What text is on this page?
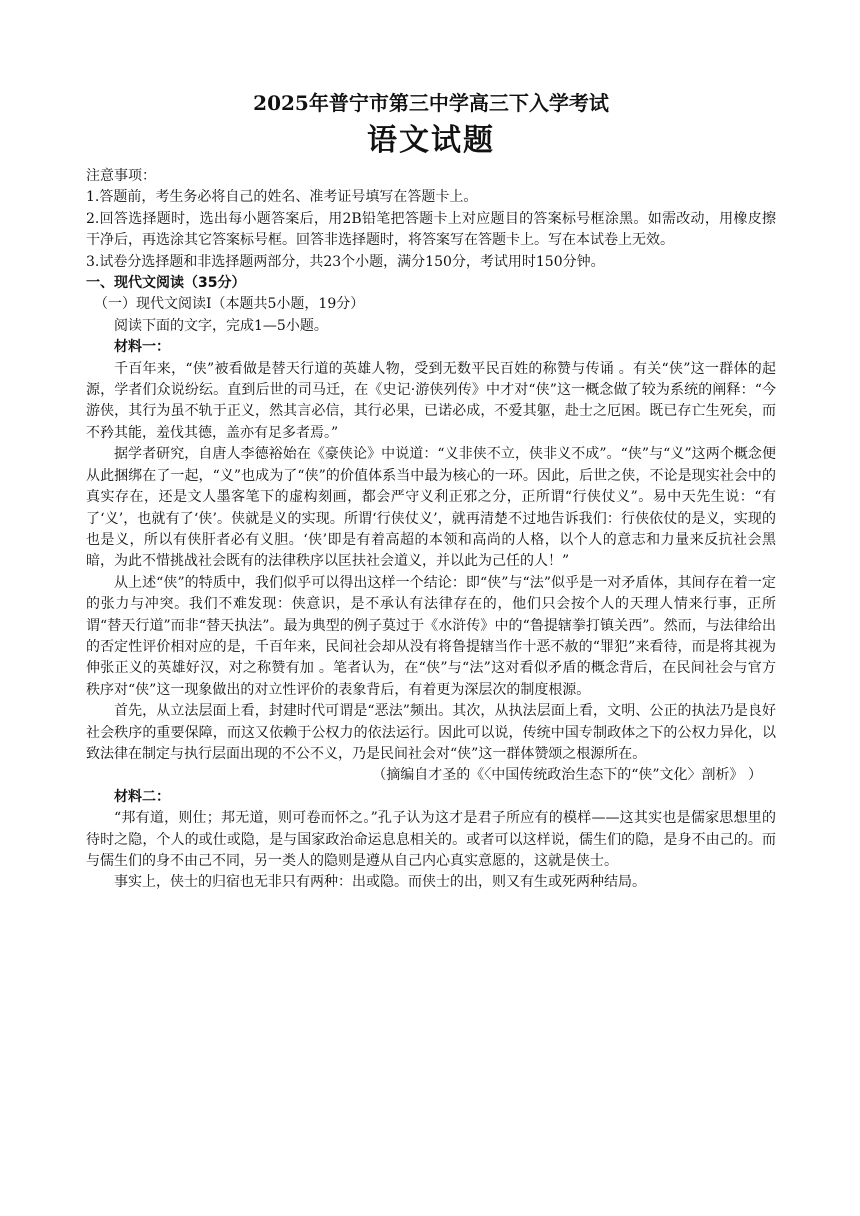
2025年普宁市第三中学高三下入学考试
语文试题

注意事项：

1.答题前，考生务必将自己的姓名、准考证号填写在答题卡上。

2.回答选择题时，选出每小题答案后，用2B铅笔把答题卡上对应题目的答案标号框涂黑。如需改动，用橡皮擦干净后，再选涂其它答案标号框。回答非选择题时，将答案写在答题卡上。写在本试卷上无效。

3.试卷分选择题和非选择题两部分，共23个小题，满分150分，考试用时150分钟。

一、现代文阅读（35分）

（一）现代文阅读Ⅰ（本题共5小题，19分）

阅读下面的文字，完成1—5小题。

材料一：

千百年来，“侠”被看做是替天行道的英雄人物，受到无数平民百姓的称赞与传诵 。有关“侠”这一群体的起源，学者们众说纷纭。直到后世的司马迁，在《史记·游侠列传》中才对“侠”这一概念做了较为系统的阐释：“今游侠，其行为虽不轨于正义，然其言必信，其行必果，已诺必成，不爱其躯，赴士之厄困。既已存亡生死矣，而不矜其能，羞伐其德，盖亦有足多者焉。”

据学者研究，自唐人李德裕始在《豪侠论》中说道：“义非侠不立，侠非义不成”。“侠”与“义”这两个概念便从此捆绑在了一起，“义”也成为了“侠”的价值体系当中最为核心的一环。因此，后世之侠，不论是现实社会中的真实存在，还是文人墨客笔下的虚构刻画，都会严守义利正邪之分，正所谓“行侠仗义”。易中天先生说：“有了‘义’，也就有了‘侠’。侠就是义的实现。所谓‘行侠仗义’，就再清楚不过地告诉我们：行侠依仗的是义，实现的也是义，所以有侠肝者必有义胆。‘侠’即是有着高超的本领和高尚的人格，以个人的意志和力量来反抗社会黑暗，为此不惜挑战社会既有的法律秩序以匡扶社会道义，并以此为己任的人！”

从上述“侠”的特质中，我们似乎可以得出这样一个结论：即“侠”与“法”似乎是一对矛盾体，其间存在着一定的张力与冲突。我们不难发现：侠意识，是不承认有法律存在的，他们只会按个人的天理人情来行事，正所谓“替天行道”而非“替天执法”。最为典型的例子莫过于《水浒传》中的“鲁提辖拳打镇关西”。然而，与法律给出的否定性评价相对应的是，千百年来，民间社会却从没有将鲁提辖当作十恶不赦的“罪犯”来看待，而是将其视为伸张正义的英雄好汉，对之称赞有加 。笔者认为，在“侠”与“法”这对看似矛盾的概念背后，在民间社会与官方秩序对“侠”这一现象做出的对立性评价的表象背后，有着更为深层次的制度根源。

首先，从立法层面上看，封建时代可谓是“恶法”频出。其次，从执法层面上看，文明、公正的执法乃是良好社会秩序的重要保障，而这又依赖于公权力的依法运行。因此可以说，传统中国专制政体之下的公权力异化，以致法律在制定与执行层面出现的不公不义，乃是民间社会对“侠”这一群体赞颂之根源所在。

（摘编自才圣的《〈中国传统政治生态下的“侠”文化〉剖析》 ）

材料二：

“邦有道，则仕；邦无道，则可卷而怀之。”孔子认为这才是君子所应有的模样——这其实也是儒家思想里的待时之隐，个人的或仕或隐，是与国家政治命运息息相关的。或者可以这样说，儒生们的隐，是身不由己的。而与儒生们的身不由己不同，另一类人的隐则是遵从自己内心真实意愿的，这就是侠士。

事实上，侠士的归宿也无非只有两种：出或隐。而侠士的出，则又有生或死两种结局。
